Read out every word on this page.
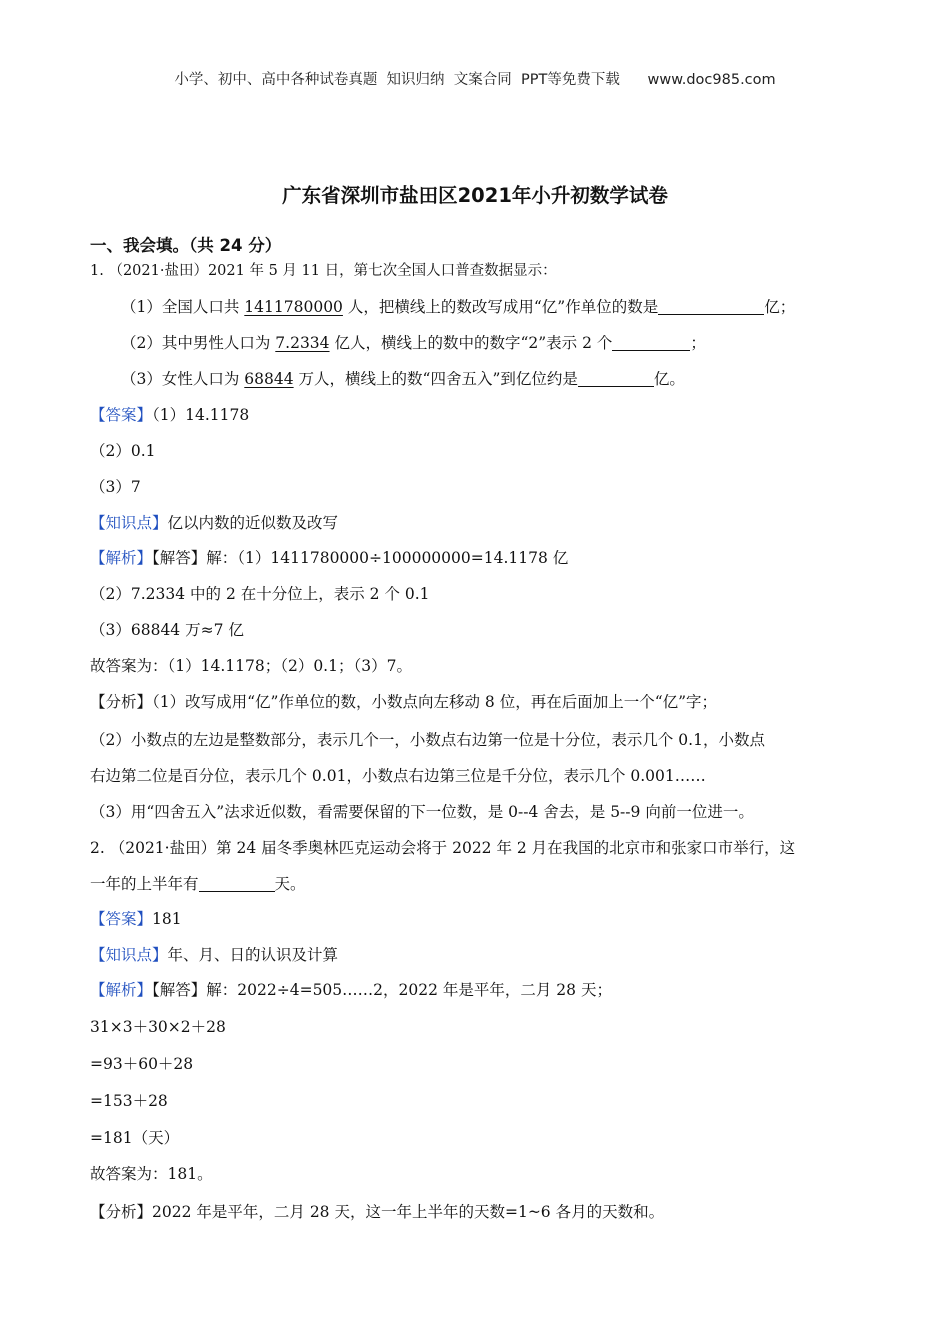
小学、初中、高中各种试卷真题  知识归纳  文案合同  PPT等免费下载      www.doc985.com
广东省深圳市盐田区2021年小升初数学试卷
一、我会填。（共 24 分）
1. （2021·盐田）2021 年 5 月 11 日，第七次全国人口普查数据显示：
（1）全国人口共 1411780000 人，把横线上的数改写成用“亿”作单位的数是	亿；
（2）其中男性人口为 7.2334 亿人，横线上的数中的数字“2”表示 2 个	；
（3）女性人口为 68844 万人，横线上的数“四舍五入”到亿位约是	亿。
【答案】（1）14.1178
（2）0.1
（3）7
【知识点】亿以内数的近似数及改写
【解析】【解答】解：（1）1411780000÷100000000=14.1178 亿
（2）7.2334 中的 2 在十分位上，表示 2 个 0.1
（3）68844 万≈7 亿
故答案为：（1）14.1178；（2）0.1；（3）7。
【分析】（1）改写成用“亿”作单位的数，小数点向左移动 8 位，再在后面加上一个“亿”字；
（2）小数点的左边是整数部分，表示几个一，小数点右边第一位是十分位，表示几个 0.1，小数点
右边第二位是百分位，表示几个 0.01，小数点右边第三位是千分位，表示几个 0.001……
（3）用“四舍五入”法求近似数，看需要保留的下一位数，是 0--4 舍去，是 5--9 向前一位进一。
2. （2021·盐田）第 24 届冬季奥林匹克运动会将于 2022 年 2 月在我国的北京市和张家口市举行，这
一年的上半年有	天。
【答案】181
【知识点】年、月、日的认识及计算
【解析】【解答】解：2022÷4=505……2，2022 年是平年，二月 28 天；
31×3＋30×2＋28
=93＋60＋28
=153＋28
=181（天）
故答案为：181。
【分析】2022 年是平年，二月 28 天，这一年上半年的天数=1~6 各月的天数和。
